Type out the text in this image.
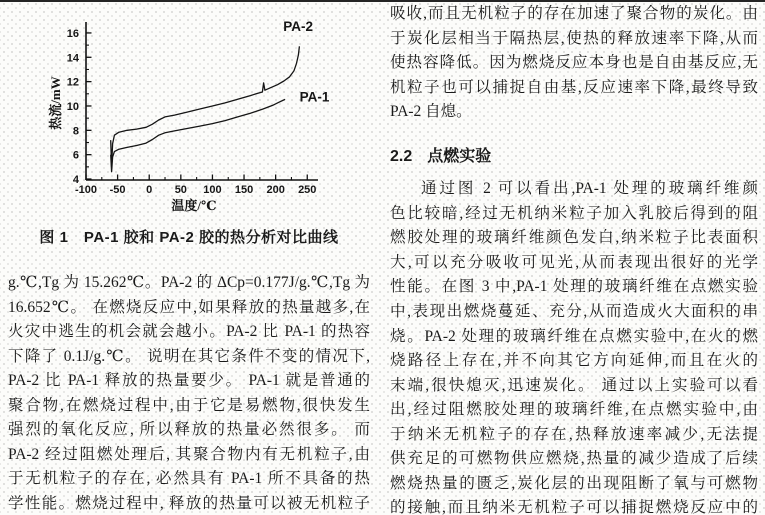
-100 -50 0 50 100 150 200 250
4
6
8
10
12
14
16
温度/℃
热流/mW
PA-2
PA-1
图 1　PA-1 胶和 PA-2 胶的热分析对比曲线
g.℃,Tg 为 15.262℃。PA-2 的 ΔCp=0.177J/g.℃,Tg 为
16.652℃。 在燃烧反应中,如果释放的热量越多,在
火灾中逃生的机会就会越小。PA-2 比 PA-1 的热容
下降了 0.1J/g.℃。 说明在其它条件不变的情况下,
PA-2 比 PA-1 释放的热量要少。 PA-1 就是普通的
聚合物,在燃烧过程中,由于它是易燃物,很快发生
强烈的氧化反应, 所以释放的热量必然很多。 而
PA-2 经过阻燃处理后, 其聚合物内有无机粒子,由
于无机粒子的存在, 必然具有 PA-1 所不具备的热
学性能。燃烧过程中, 释放的热量可以被无机粒子
吸收,而且无机粒子的存在加速了聚合物的炭化。由
于炭化层相当于隔热层,使热的释放速率下降,从而
使热容降低。因为燃烧反应本身也是自由基反应,无
机粒子也可以捕捉自由基,反应速率下降,最终导致
PA-2 自熄。
2.2 点燃实验
通过图 2 可以看出,PA-1 处理的玻璃纤维颜
色比较暗,经过无机纳米粒子加入乳胶后得到的阻
燃胶处理的玻璃纤维颜色发白,纳米粒子比表面积
大,可以充分吸收可见光,从而表现出很好的光学
性能。在图 3 中,PA-1 处理的玻璃纤维在点燃实验
中,表现出燃烧蔓延、充分,从而造成火大面积的串
烧。PA-2 处理的玻璃纤维在点燃实验中,在火的燃
烧路径上存在,并不向其它方向延伸,而且在火的
末端,很快熄灭,迅速炭化。 通过以上实验可以看
出,经过阻燃胶处理的玻璃纤维,在点燃实验中,由
于纳米无机粒子的存在,热释放速率减少,无法提
供充足的可燃物供应燃烧,热量的减少造成了后续
燃烧热量的匮乏,炭化层的出现阻断了氧与可燃物
的接触,而且纳米无机粒子可以捕捉燃烧反应中的
